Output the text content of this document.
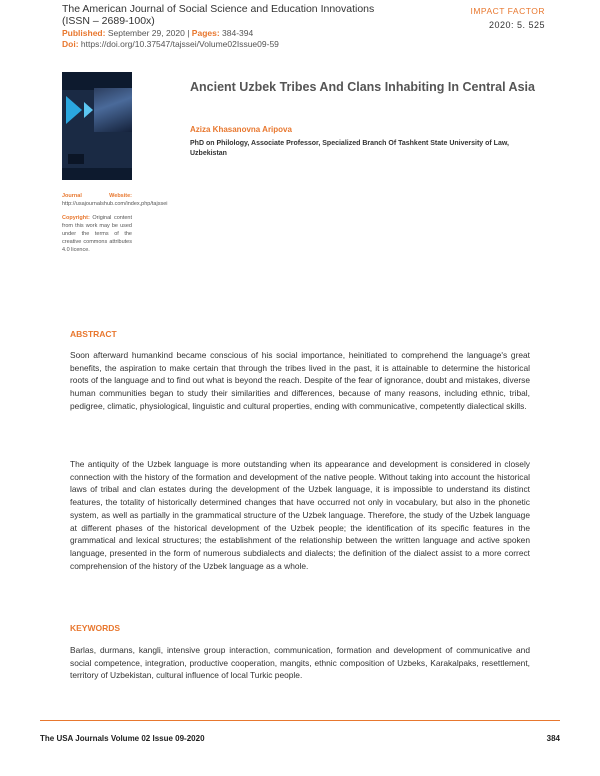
The American Journal of Social Science and Education Innovations

(ISSN – 2689-100x)

Published: September 29, 2020 | Pages: 384-394
Doi: https://doi.org/10.37547/tajssei/Volume02Issue09-59
IMPACT FACTOR
2020: 5. 525

Journal Website: http://usajournalshub.com/index,php/tajssei

Copyright: Original content from this work may be used under the terms of the creative commons attributes 4.0 licence.

Ancient Uzbek Tribes And Clans Inhabiting In Central Asia
Aziza Khasanovna Aripova
PhD on Philology, Associate Professor, Specialized Branch Of Tashkent State University of Law, Uzbekistan
ABSTRACT

Soon afterward humankind became conscious of his social importance, heinitiated to comprehend the language's great benefits, the aspiration to make certain that through the tribes lived in the past, it is attainable to determine the historical roots of the language and to find out what is beyond the reach. Despite of the fear of ignorance, doubt and mistakes, diverse human communities began to study their similarities and differences, because of many reasons, including ethnic, tribal, pedigree, climatic, physiological, linguistic and cultural properties, ending with communicative, competently dialectical skills.

The antiquity of the Uzbek language is more outstanding when its appearance and development is considered in closely connection with the history of the formation and development of the native people. Without taking into account the historical laws of tribal and clan estates during the development of the Uzbek language, it is impossible to understand its distinct features, the totality of historically determined changes that have occurred not only in vocabulary, but also in the phonetic system, as well as partially in the grammatical structure of the Uzbek language. Therefore, the study of the Uzbek language at different phases of the historical development of the Uzbek people; the identification of its specific features in the grammatical and lexical structures; the establishment of the relationship between the written language and active spoken language, presented in the form of numerous subdialects and dialects; the definition of the dialect assist to a more correct comprehension of the history of the Uzbek language as a whole.

KEYWORDS

Barlas, durmans, kangli, intensive group interaction, communication, formation and development of communicative and social competence, integration, productive cooperation, mangits, ethnic composition of Uzbeks, Karakalpaks, resettlement, territory of Uzbekistan, cultural influence of local Turkic people.

The USA Journals Volume 02 Issue 09-2020	384
